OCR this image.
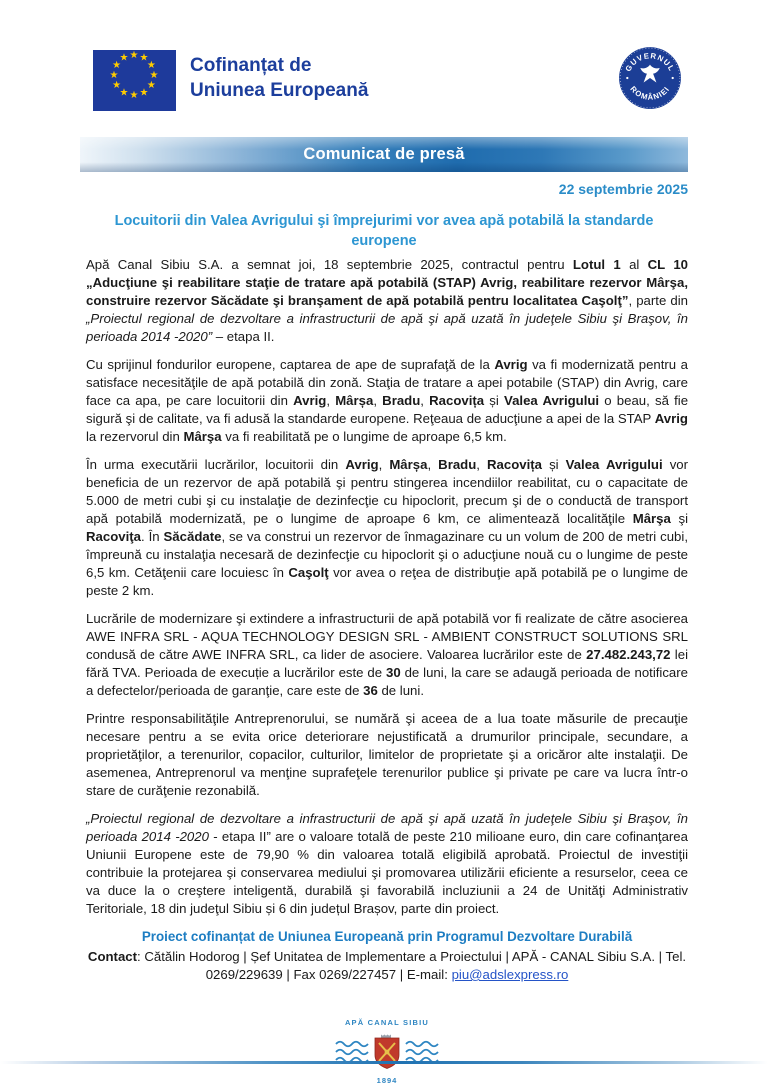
Cofinanțat de
Uniunea Europeană
GUVERNUL
ROMÂNIEI
Comunicat de presă
22 septembrie 2025
Locuitorii din Valea Avrigului şi împrejurimi vor avea apă potabilă la standarde europene

Apă Canal Sibiu S.A. a semnat joi, 18 septembrie 2025, contractul pentru Lotul 1 al CL 10 „Aducţiune şi reabilitare staţie de tratare apă potabilă (STAP) Avrig, reabilitare rezervor Mârşa, construire rezervor Săcădate şi branşament de apă potabilă pentru localitatea Caşolţ”, parte din „Proiectul regional de dezvoltare a infrastructurii de apă şi apă uzată în judeţele Sibiu şi Braşov, în perioada 2014 -2020” – etapa II.

Cu sprijinul fondurilor europene, captarea de ape de suprafaţă de la Avrig va fi modernizată pentru a satisface necesităţile de apă potabilă din zonă. Staţia de tratare a apei potabile (STAP) din Avrig, care face ca apa, pe care locuitorii din Avrig, Mârșa, Bradu, Racovița și Valea Avrigului o beau, să fie sigură şi de calitate, va fi adusă la standarde europene. Reţeaua de aducţiune a apei de la STAP Avrig la rezervorul din Mârşa va fi reabilitată pe o lungime de aproape 6,5 km.

În urma executării lucrărilor, locuitorii din Avrig, Mârșa, Bradu, Racovița și Valea Avrigului vor beneficia de un rezervor de apă potabilă şi pentru stingerea incendiilor reabilitat, cu o capacitate de 5.000 de metri cubi şi cu instalaţie de dezinfecţie cu hipoclorit, precum şi de o conductă de transport apă potabilă modernizată, pe o lungime de aproape 6 km, ce alimentează localităţile Mârşa şi Racoviţa. În Săcădate, se va construi un rezervor de înmagazinare cu un volum de 200 de metri cubi, împreună cu instalaţia necesară de dezinfecţie cu hipoclorit şi o aducţiune nouă cu o lungime de peste 6,5 km. Cetăţenii care locuiesc în Caşolţ vor avea o reţea de distribuţie apă potabilă pe o lungime de peste 2 km.

Lucrările de modernizare şi extindere a infrastructurii de apă potabilă vor fi realizate de către asocierea AWE INFRA SRL - AQUA TECHNOLOGY DESIGN SRL - AMBIENT CONSTRUCT SOLUTIONS SRL condusă de către AWE INFRA SRL, ca lider de asociere. Valoarea lucrărilor este de 27.482.243,72 lei fără TVA. Perioada de execuție a lucrărilor este de 30 de luni, la care se adaugă perioada de notificare a defectelor/perioada de garanţie, care este de 36 de luni.

Printre responsabilităţile Antreprenorului, se numără şi aceea de a lua toate măsurile de precauţie necesare pentru a se evita orice deteriorare nejustificată a drumurilor principale, secundare, a proprietăţilor, a terenurilor, copacilor, culturilor, limitelor de proprietate şi a oricăror alte instalaţii. De asemenea, Antreprenorul va menţine suprafeţele terenurilor publice şi private pe care va lucra într-o stare de curăţenie rezonabilă.

„Proiectul regional de dezvoltare a infrastructurii de apă şi apă uzată în judeţele Sibiu şi Braşov, în perioada 2014 -2020 - etapa II” are o valoare totală de peste 210 milioane euro, din care cofinanţarea Uniunii Europene este de 79,90 % din valoarea totală eligibilă aprobată. Proiectul de investiţii contribuie la protejarea şi conservarea mediului şi promovarea utilizării eficiente a resurselor, ceea ce va duce la o creştere inteligentă, durabilă şi favorabilă incluziunii a 24 de Unităţi Administrativ Teritoriale, 18 din judeţul Sibiu și 6 din județul Brașov, parte din proiect.

Proiect cofinanțat de Uniunea Europeană prin Programul Dezvoltare Durabilă
Contact: Cătălin Hodorog | Șef Unitatea de Implementare a Proiectului | APĂ - CANAL Sibiu S.A. | Tel. 0269/229639 | Fax 0269/227457 | E-mail: piu@adslexpress.ro
APĂ CANAL SIBIU
1894
